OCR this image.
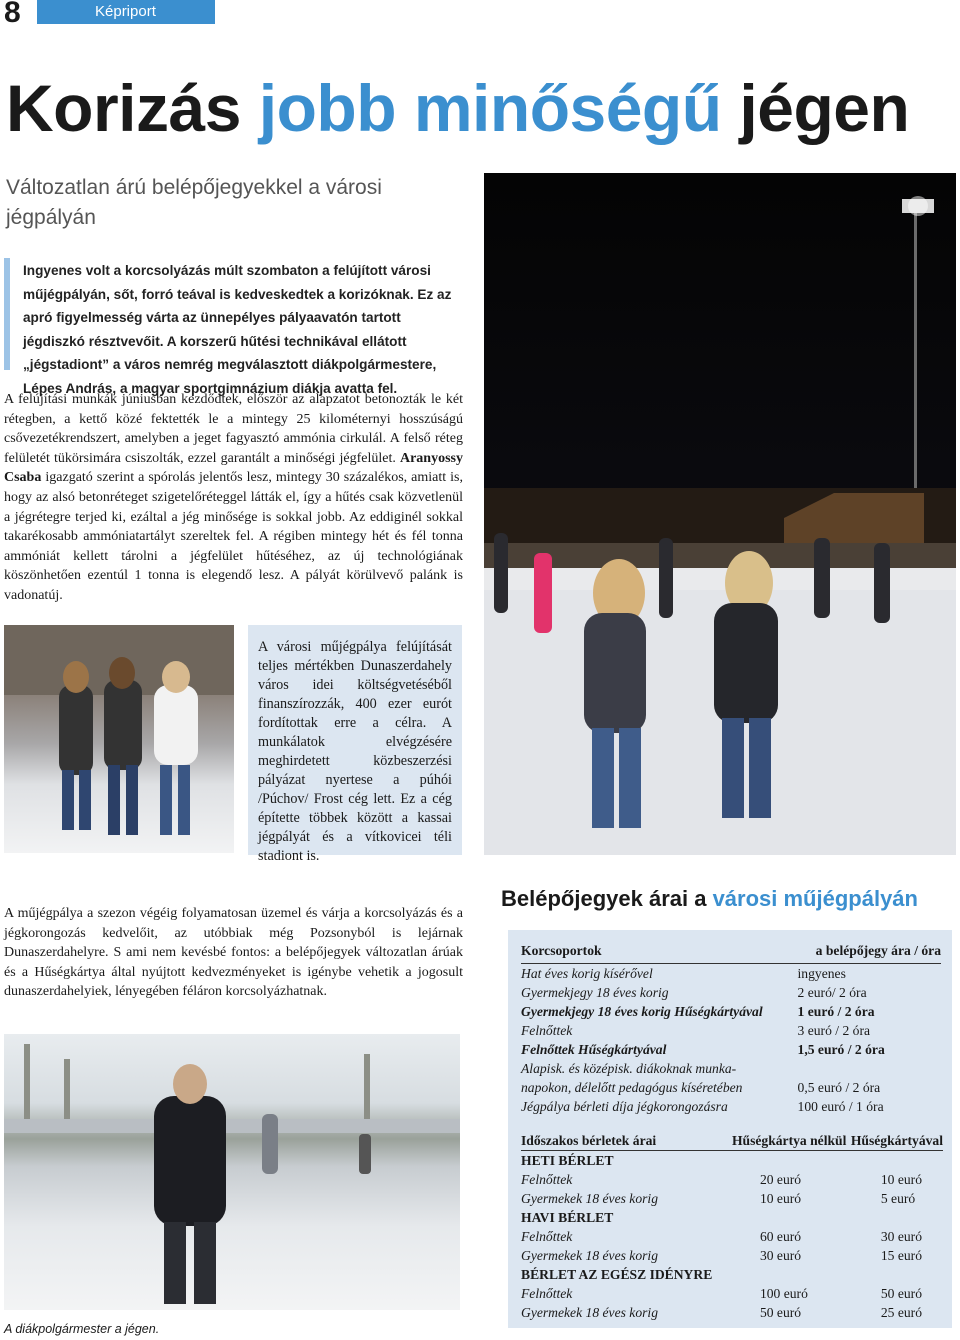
8	Képriport
Korizás jobb minőségű jégen
Változatlan árú belépőjegyekkel a városi jégpályán
Ingyenes volt a korcsolyázás múlt szombaton a felújított városi műjégpályán, sőt, forró teával is kedveskedtek a korizóknak. Ez az apró figyelmesség várta az ünnepélyes pályaavatón tartott jégdiszkó résztvevőit. A korszerű hűtési technikával ellátott „jégstadiont” a város nemrég megválasztott diákpolgármestere, Lépes András, a magyar sportgimnázium diákja avatta fel.
A felújítási munkák júniusban kezdődtek, először az alapzatot betonozták le két rétegben, a kettő közé fektették le a mintegy 25 kilométernyi hosszúságú csővezetékrendszert, amelyben a jeget fagyasztó ammónia cirkulál. A felső réteg felületét tükörsimára csiszolták, ezzel garantált a minőségi jégfelület. Aranyossy Csaba igazgató szerint a spórolás jelentős lesz, mintegy 30 százalékos, amiatt is, hogy az alsó betonréteget szigetelőréteggel látták el, így a hűtés csak közvetlenül a jégrétegre terjed ki, ezáltal a jég minősége is sokkal jobb. Az eddiginél sokkal takarékosabb ammóniatartályt szereltek fel. A régiben mintegy hét és fél tonna ammóniát kellett tárolni a jégfelület hűtéséhez, az új technológiának köszönhetően ezentúl 1 tonna is elegendő lesz. A pályát körülvevő palánk is vadonatúj.
A városi műjégpálya felújítását teljes mértékben Dunaszerdahely város idei költségvetéséből finanszírozzák, 400 ezer eurót fordítottak erre a célra. A munkálatok elvégzésére meghirdetett közbeszerzési pályázat nyertese a púhói /Púchov/ Frost cég lett. Ez a cég építette többek között a kassai jégpályát és a vítkovicei téli stadiont is.
A műjégpálya a szezon végéig folyamatosan üzemel és várja a korcsolyázás és a jégkorongozás kedvelőit, az utóbbiak még Pozsonyból is lejárnak Dunaszerdahelyre. S ami nem kevésbé fontos: a belépőjegyek változatlan árúak és a Hűségkártya által nyújtott kedvezményeket is igénybe vehetik a jogosult dunaszerdahelyiek, lényegében féláron korcsolyázhatnak.
A diákpolgármester a jégen.
Belépőjegyek árai a városi műjégpályán
Korcsoportok	a belépőjegy ára / óra
Hat éves korig kísérővel	ingyenes
Gyermekjegy 18 éves korig	2 euró/ 2 óra
Gyermekjegy 18 éves korig Hűségkártyával	1 euró / 2 óra
Felnőttek	3 euró / 2 óra
Felnőttek Hűségkártyával	1,5 euró / 2 óra
Alapisk. és középisk. diákoknak munka-	
napokon, délelőtt pedagógus kíséretében	0,5 euró / 2 óra
Jégpálya bérleti díja jégkorongozásra	100 euró / 1 óra
Időszakos bérletek árai	Hűségkártya nélkül	Hűségkártyával
HETI BÉRLET		
Felnőttek	20 euró	10 euró
Gyermekek 18 éves korig	10 euró	5 euró
HAVI BÉRLET		
Felnőttek	60 euró	30 euró
Gyermekek 18 éves korig	30 euró	15 euró
BÉRLET AZ EGÉSZ IDÉNYRE		
Felnőttek	100 euró	50 euró
Gyermekek 18 éves korig	50 euró	25 euró
